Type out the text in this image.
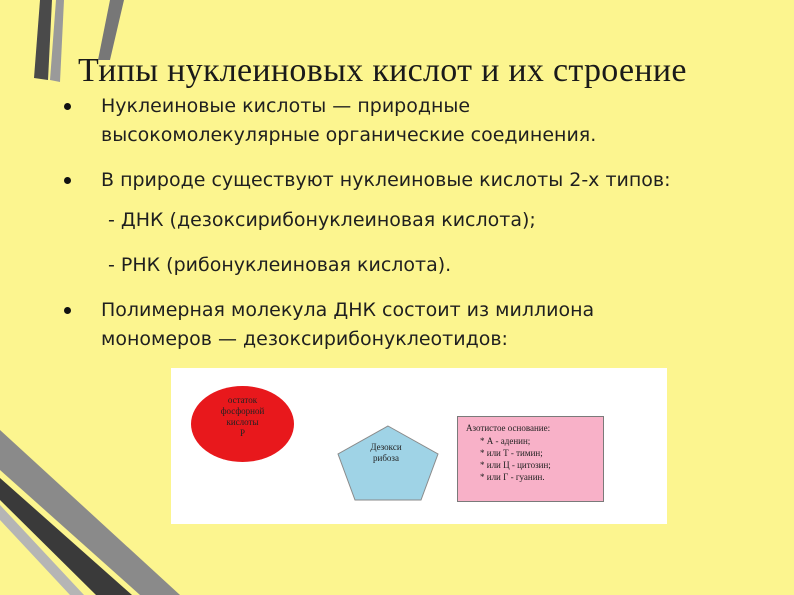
Типы нуклеиновых кислот и их строение
Нуклеиновые кислоты — природные
высокомолекулярные органические соединения.
В природе существуют нуклеиновые кислоты 2-х типов:
- ДНК (дезоксирибонуклеиновая кислота);
- РНК (рибонуклеиновая кислота).
Полимерная молекула ДНК состоит из миллиона
мономеров — дезоксирибонуклеотидов:
остаток
фосфорной
кислоты
Р
Дезокси
рибоза
Азотистое основание:
* А - аденин;
* или Т - тимин;
* или Ц - цитозин;
* или Г - гуанин.
